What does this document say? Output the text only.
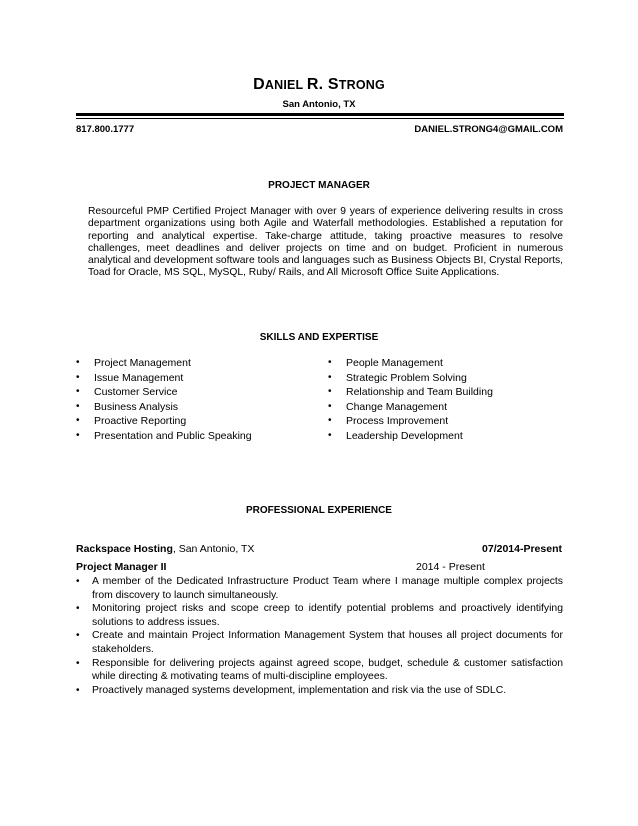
DANIEL R. STRONG
San Antonio, TX
817.800.1777	DANIEL.STRONG4@GMAIL.COM
PROJECT MANAGER
Resourceful PMP Certified Project Manager with over 9 years of experience delivering results in cross department organizations using both Agile and Waterfall methodologies. Established a reputation for reporting and analytical expertise. Take-charge attitude, taking proactive measures to resolve challenges, meet deadlines and deliver projects on time and on budget. Proficient in numerous analytical and development software tools and languages such as Business Objects BI, Crystal Reports, Toad for Oracle, MS SQL, MySQL, Ruby/ Rails, and All Microsoft Office Suite Applications.
SKILLS AND EXPERTISE
• Project Management
• Issue Management
• Customer Service
• Business Analysis
• Proactive Reporting
• Presentation and Public Speaking
• People Management
• Strategic Problem Solving
• Relationship and Team Building
• Change Management
• Process Improvement
• Leadership Development
PROFESSIONAL EXPERIENCE
Rackspace Hosting, San Antonio, TX	07/2014-Present
Project Manager II	2014 - Present
• A member of the Dedicated Infrastructure Product Team where I manage multiple complex projects from discovery to launch simultaneously.
• Monitoring project risks and scope creep to identify potential problems and proactively identifying solutions to address issues.
• Create and maintain Project Information Management System that houses all project documents for stakeholders.
• Responsible for delivering projects against agreed scope, budget, schedule & customer satisfaction while directing & motivating teams of multi-discipline employees.
• Proactively managed systems development, implementation and risk via the use of SDLC.
